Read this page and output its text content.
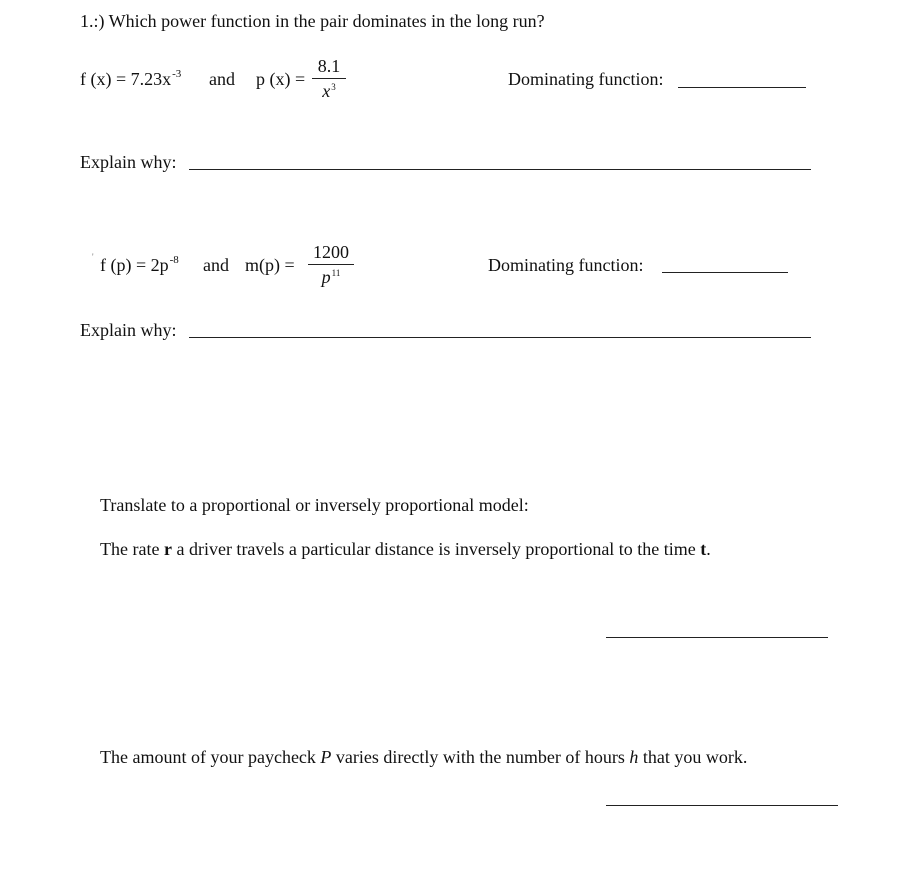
1.:) Which power function in the pair dominates in the long run?
f $(x) = 7.23x^{-3}$ and p (x) =
8.1
$x^3$	Dominating function:
Explain why:
' f $(p) = 2p^{-8}$ and m(p) =
1200
$p^{11}$	Dominating function:
Explain why:
Translate to a proportional or inversely proportional model:
The rate r a driver travels a particular distance is inversely proportional to the time t.
The amount of your paycheck P varies directly with the number of hours h that you work.
